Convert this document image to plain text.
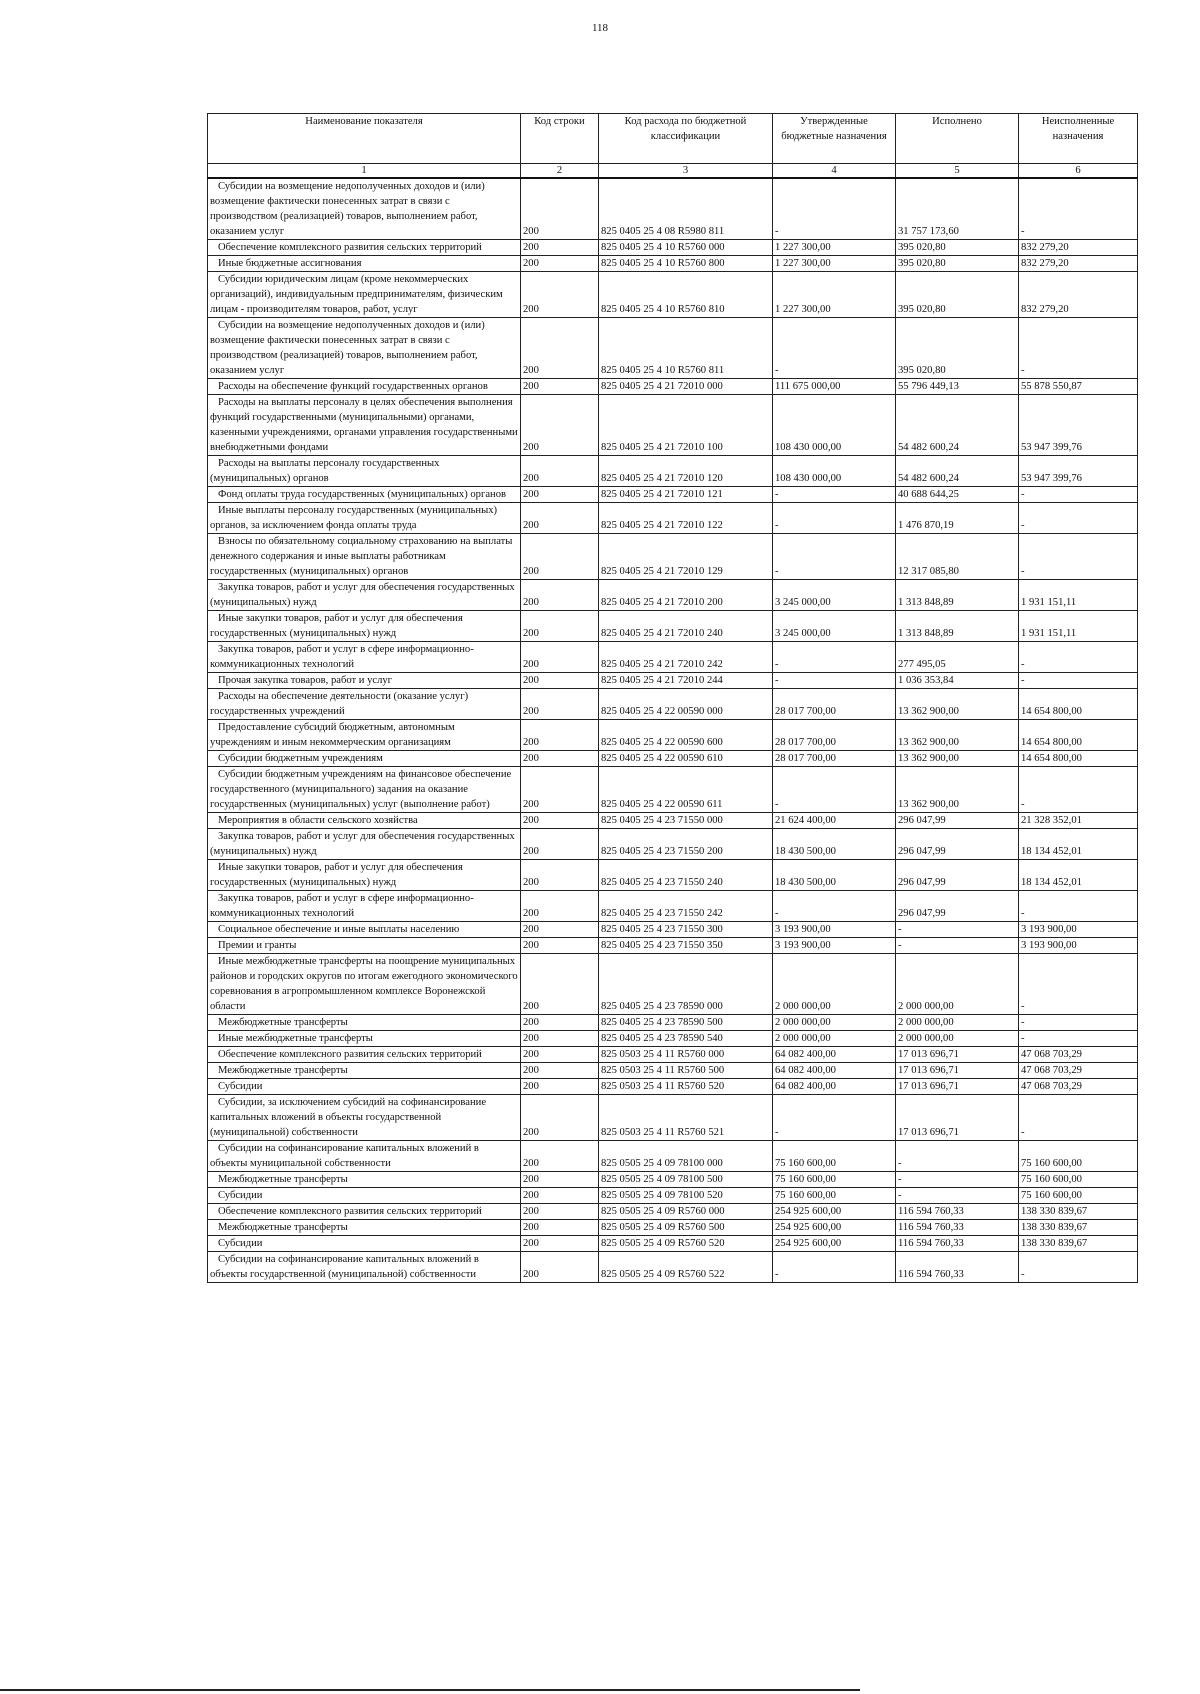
118
Наименование показателя	Код строки	Код расхода по бюджетной классификации	Утвержденные бюджетные назначения	Исполнено	Неисполненные назначения
1	2	3	4	5	6
Субсидии на возмещение недополученных доходов и (или) возмещение фактически понесенных затрат в связи с производством (реализацией) товаров, выполнением работ, оказанием услуг	200	825 0405 25 4 08 R5980 811	-	31 757 173,60	-
Обеспечение комплексного развития сельских территорий	200	825 0405 25 4 10 R5760 000	1 227 300,00	395 020,80	832 279,20
Иные бюджетные ассигнования	200	825 0405 25 4 10 R5760 800	1 227 300,00	395 020,80	832 279,20
Субсидии юридическим лицам (кроме некоммерческих организаций), индивидуальным предпринимателям, физическим лицам - производителям товаров, работ, услуг	200	825 0405 25 4 10 R5760 810	1 227 300,00	395 020,80	832 279,20
Субсидии на возмещение недополученных доходов и (или) возмещение фактически понесенных затрат в связи с производством (реализацией) товаров, выполнением работ, оказанием услуг	200	825 0405 25 4 10 R5760 811	-	395 020,80	-
Расходы на обеспечение функций государственных органов	200	825 0405 25 4 21 72010 000	111 675 000,00	55 796 449,13	55 878 550,87
Расходы на выплаты персоналу в целях обеспечения выполнения функций государственными (муниципальными) органами, казенными учреждениями, органами управления государственными внебюджетными фондами	200	825 0405 25 4 21 72010 100	108 430 000,00	54 482 600,24	53 947 399,76
Расходы на выплаты персоналу государственных (муниципальных) органов	200	825 0405 25 4 21 72010 120	108 430 000,00	54 482 600,24	53 947 399,76
Фонд оплаты труда государственных (муниципальных) органов	200	825 0405 25 4 21 72010 121	-	40 688 644,25	-
Иные выплаты персоналу государственных (муниципальных) органов, за исключением фонда оплаты труда	200	825 0405 25 4 21 72010 122	-	1 476 870,19	-
Взносы по обязательному социальному страхованию на выплаты денежного содержания и иные выплаты работникам государственных (муниципальных) органов	200	825 0405 25 4 21 72010 129	-	12 317 085,80	-
Закупка товаров, работ и услуг для обеспечения государственных (муниципальных) нужд	200	825 0405 25 4 21 72010 200	3 245 000,00	1 313 848,89	1 931 151,11
Иные закупки товаров, работ и услуг для обеспечения государственных (муниципальных) нужд	200	825 0405 25 4 21 72010 240	3 245 000,00	1 313 848,89	1 931 151,11
Закупка товаров, работ и услуг в сфере информационно-коммуникационных технологий	200	825 0405 25 4 21 72010 242	-	277 495,05	-
Прочая закупка товаров, работ и услуг	200	825 0405 25 4 21 72010 244	-	1 036 353,84	-
Расходы на обеспечение деятельности (оказание услуг) государственных учреждений	200	825 0405 25 4 22 00590 000	28 017 700,00	13 362 900,00	14 654 800,00
Предоставление субсидий бюджетным, автономным учреждениям и иным некоммерческим организациям	200	825 0405 25 4 22 00590 600	28 017 700,00	13 362 900,00	14 654 800,00
Субсидии бюджетным учреждениям	200	825 0405 25 4 22 00590 610	28 017 700,00	13 362 900,00	14 654 800,00
Субсидии бюджетным учреждениям на финансовое обеспечение государственного (муниципального) задания на оказание государственных (муниципальных) услуг (выполнение работ)	200	825 0405 25 4 22 00590 611	-	13 362 900,00	-
Мероприятия в области сельского хозяйства	200	825 0405 25 4 23 71550 000	21 624 400,00	296 047,99	21 328 352,01
Закупка товаров, работ и услуг для обеспечения государственных (муниципальных) нужд	200	825 0405 25 4 23 71550 200	18 430 500,00	296 047,99	18 134 452,01
Иные закупки товаров, работ и услуг для обеспечения государственных (муниципальных) нужд	200	825 0405 25 4 23 71550 240	18 430 500,00	296 047,99	18 134 452,01
Закупка товаров, работ и услуг в сфере информационно-коммуникационных технологий	200	825 0405 25 4 23 71550 242	-	296 047,99	-
Социальное обеспечение и иные выплаты населению	200	825 0405 25 4 23 71550 300	3 193 900,00	-	3 193 900,00
Премии и гранты	200	825 0405 25 4 23 71550 350	3 193 900,00	-	3 193 900,00
Иные межбюджетные трансферты на поощрение муниципальных районов и городских округов по итогам ежегодного экономического соревнования в агропромышленном комплексе Воронежской области	200	825 0405 25 4 23 78590 000	2 000 000,00	2 000 000,00	-
Межбюджетные трансферты	200	825 0405 25 4 23 78590 500	2 000 000,00	2 000 000,00	-
Иные межбюджетные трансферты	200	825 0405 25 4 23 78590 540	2 000 000,00	2 000 000,00	-
Обеспечение комплексного развития сельских территорий	200	825 0503 25 4 11 R5760 000	64 082 400,00	17 013 696,71	47 068 703,29
Межбюджетные трансферты	200	825 0503 25 4 11 R5760 500	64 082 400,00	17 013 696,71	47 068 703,29
Субсидии	200	825 0503 25 4 11 R5760 520	64 082 400,00	17 013 696,71	47 068 703,29
Субсидии, за исключением субсидий на софинансирование капитальных вложений в объекты государственной (муниципальной) собственности	200	825 0503 25 4 11 R5760 521	-	17 013 696,71	-
Субсидии на софинансирование капитальных вложений в объекты муниципальной собственности	200	825 0505 25 4 09 78100 000	75 160 600,00	-	75 160 600,00
Межбюджетные трансферты	200	825 0505 25 4 09 78100 500	75 160 600,00	-	75 160 600,00
Субсидии	200	825 0505 25 4 09 78100 520	75 160 600,00	-	75 160 600,00
Обеспечение комплексного развития сельских территорий	200	825 0505 25 4 09 R5760 000	254 925 600,00	116 594 760,33	138 330 839,67
Межбюджетные трансферты	200	825 0505 25 4 09 R5760 500	254 925 600,00	116 594 760,33	138 330 839,67
Субсидии	200	825 0505 25 4 09 R5760 520	254 925 600,00	116 594 760,33	138 330 839,67
Субсидии на софинансирование капитальных вложений в объекты государственной (муниципальной) собственности	200	825 0505 25 4 09 R5760 522	-	116 594 760,33	-
